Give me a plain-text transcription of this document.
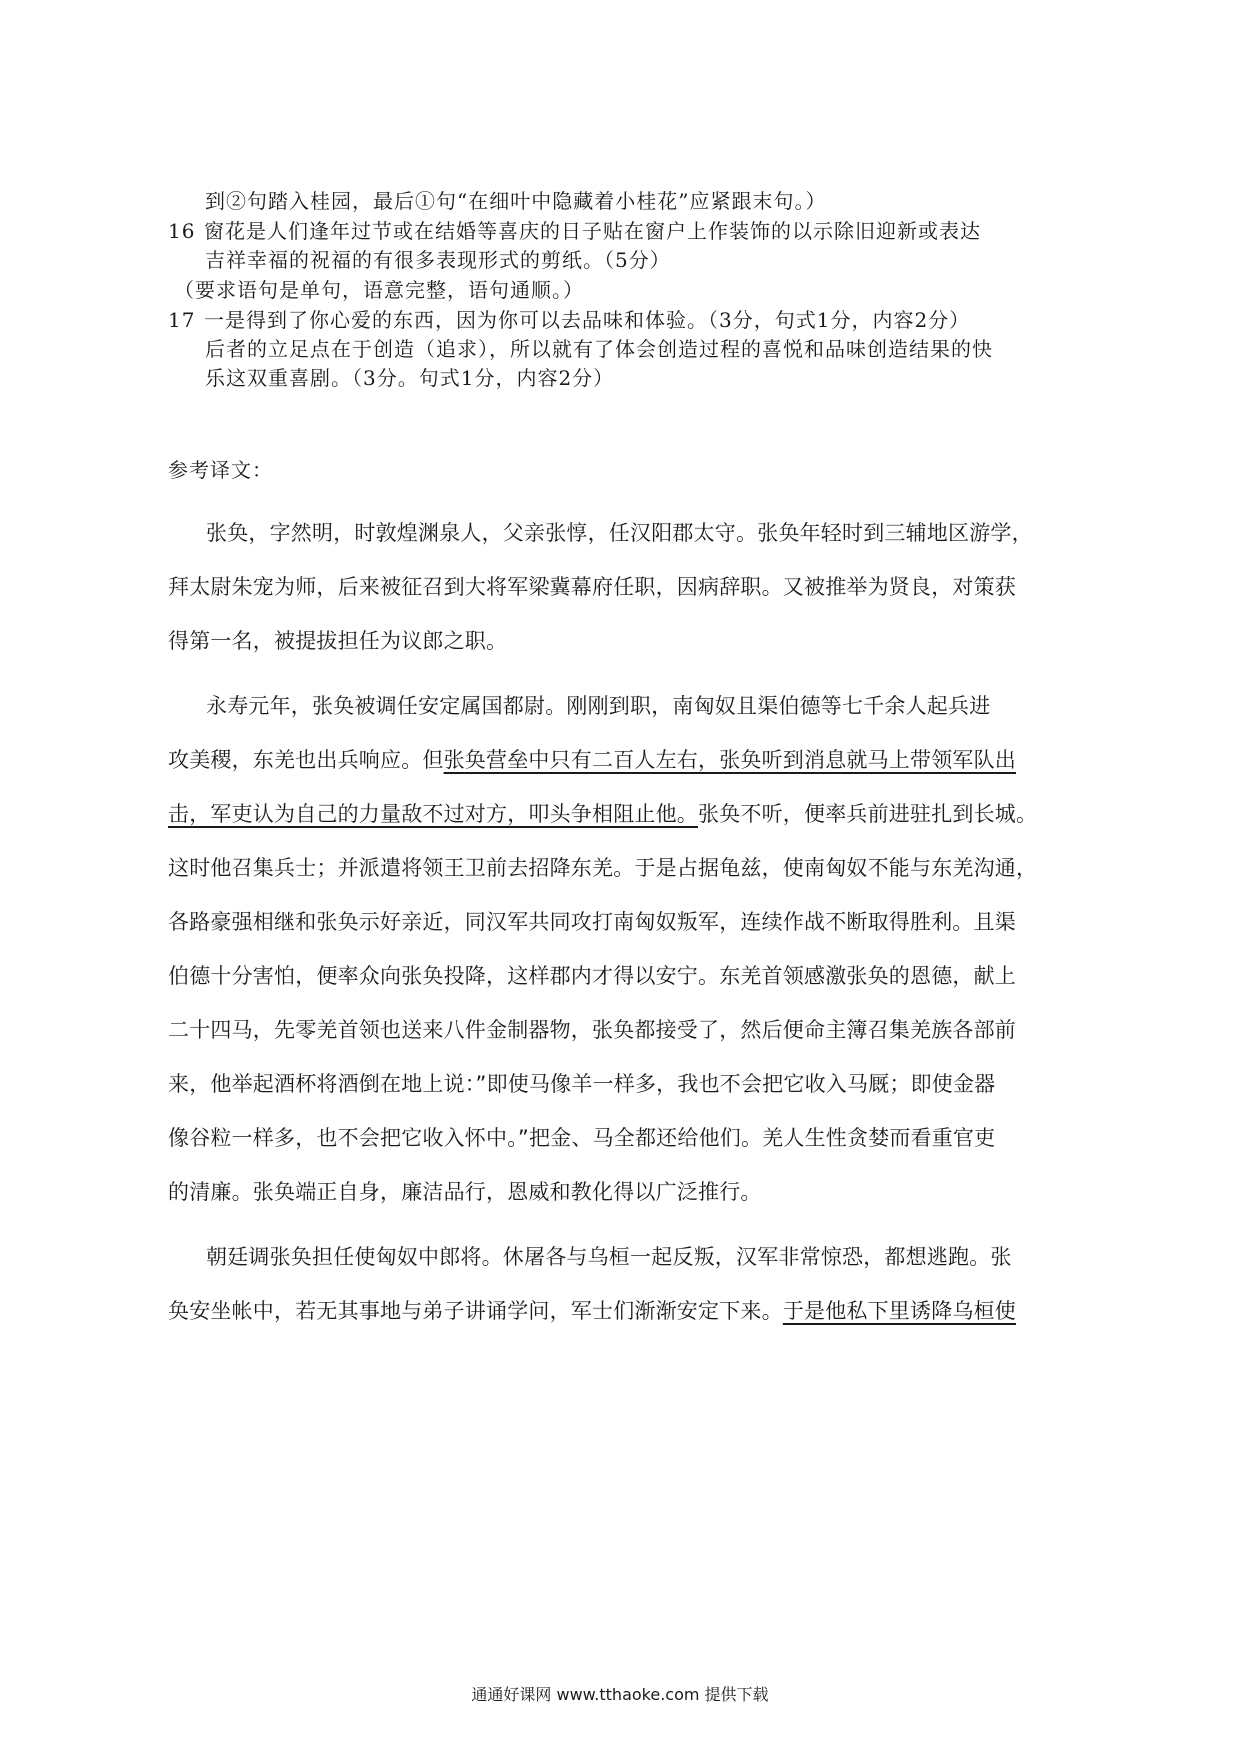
到②句踏入桂园，最后①句“在细叶中隐藏着小桂花”应紧跟末句。）
16 窗花是人们逢年过节或在结婚等喜庆的日子贴在窗户上作装饰的以示除旧迎新或表达
吉祥幸福的祝福的有很多表现形式的剪纸。（5分）
（要求语句是单句，语意完整，语句通顺。）
17 一是得到了你心爱的东西，因为你可以去品味和体验。（3分，句式1分，内容2分）
后者的立足点在于创造（追求），所以就有了体会创造过程的喜悦和品味创造结果的快
乐这双重喜剧。（3分。句式1分，内容2分）
参考译文：
张奂，字然明，时敦煌渊泉人，父亲张惇，任汉阳郡太守。张奂年轻时到三辅地区游学，
拜太尉朱宠为师，后来被征召到大将军梁冀幕府任职，因病辞职。又被推举为贤良，对策获
得第一名，被提拔担任为议郎之职。
永寿元年，张奂被调任安定属国都尉。刚刚到职，南匈奴且渠伯德等七千余人起兵进
攻美稷，东羌也出兵响应。但张奂营垒中只有二百人左右，张奂听到消息就马上带领军队出
击，军吏认为自己的力量敌不过对方，叩头争相阻止他。张奂不听，便率兵前进驻扎到长城。
这时他召集兵士；并派遣将领王卫前去招降东羌。于是占据龟兹，使南匈奴不能与东羌沟通，
各路豪强相继和张奂示好亲近，同汉军共同攻打南匈奴叛军，连续作战不断取得胜利。且渠
伯德十分害怕，便率众向张奂投降，这样郡内才得以安宁。东羌首领感激张奂的恩德，献上
二十四马，先零羌首领也送来八件金制器物，张奂都接受了，然后便命主簿召集羌族各部前
来，他举起酒杯将酒倒在地上说：”即使马像羊一样多，我也不会把它收入马厩；即使金器
像谷粒一样多，也不会把它收入怀中。”把金、马全都还给他们。羌人生性贪婪而看重官吏
的清廉。张奂端正自身，廉洁品行，恩威和教化得以广泛推行。
朝廷调张奂担任使匈奴中郎将。休屠各与乌桓一起反叛，汉军非常惊恐，都想逃跑。张
奂安坐帐中，若无其事地与弟子讲诵学问，军士们渐渐安定下来。于是他私下里诱降乌桓使
通通好课网 www.tthaoke.com 提供下载
